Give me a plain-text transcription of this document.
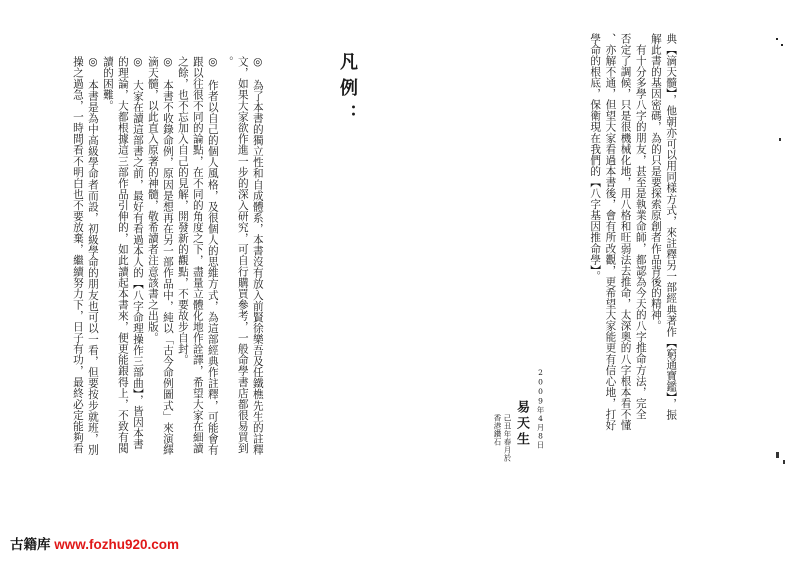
典【滴天髓】，他朝亦可以用同樣方式，來註釋另一部經典著作【窮通寶鑑】，振
解此書的基因密碼，為的只是要探索原創者作品背後的精神。
有十分多學八字的朋友，甚至是執業命師，都認為今天的八字推命方法，完全
否定了調候，只是很機械化地，用八格和旺弱法去推命，太深奧的八字根本看不懂
、亦解不通，但望大家看過本書後，會有所改觀，更希望大家能更有信心地，打好
學命的根底，保衛現在我們的【八字基因推命學】。
易天生
己丑年春月於
香港鑽石	2009年4月8日
凡例：
◎　為了本書的獨立性和自成體系，本書沒有放入前賢徐樂吾及任鐵樵先生的註釋
文，如果大家欲作進一步的深入研究，可自行購買參考，一般命學書店都很易買到
。
◎　作者以自己的個人風格，及很個人的思維方式，為這部經典作註釋，可能會有
跟以往很不同的論點，在不同的角度之下，盡量立體化地作詮譯，希望大家在細讀
之餘，也不忘加入自己的見解，開發新的觀點，不要故步自封。
◎　本書不收錄命例，原因是想再在另一部作品中，純以「古今命例圖式」來演繹
滴天髓，以此直入原著的神髓，敬希讀者注意該書之出版。
◎　大家在讀這部書之前，最好有看過本人的【八字命理操作三部曲】，皆因本書
的理論，大都根據這三部作品引伸的，如此讀起本書來，便更能銀得上，不致有閱
讀的困難。
◎　本書是為中高級學命者而設，初級學命的朋友也可以一看，但要按步就班，別
操之過急，一時間看不明白也不要放棄，繼續努力下，日子有功，最終必定能夠看
古籍库 www.fozhu920.com
